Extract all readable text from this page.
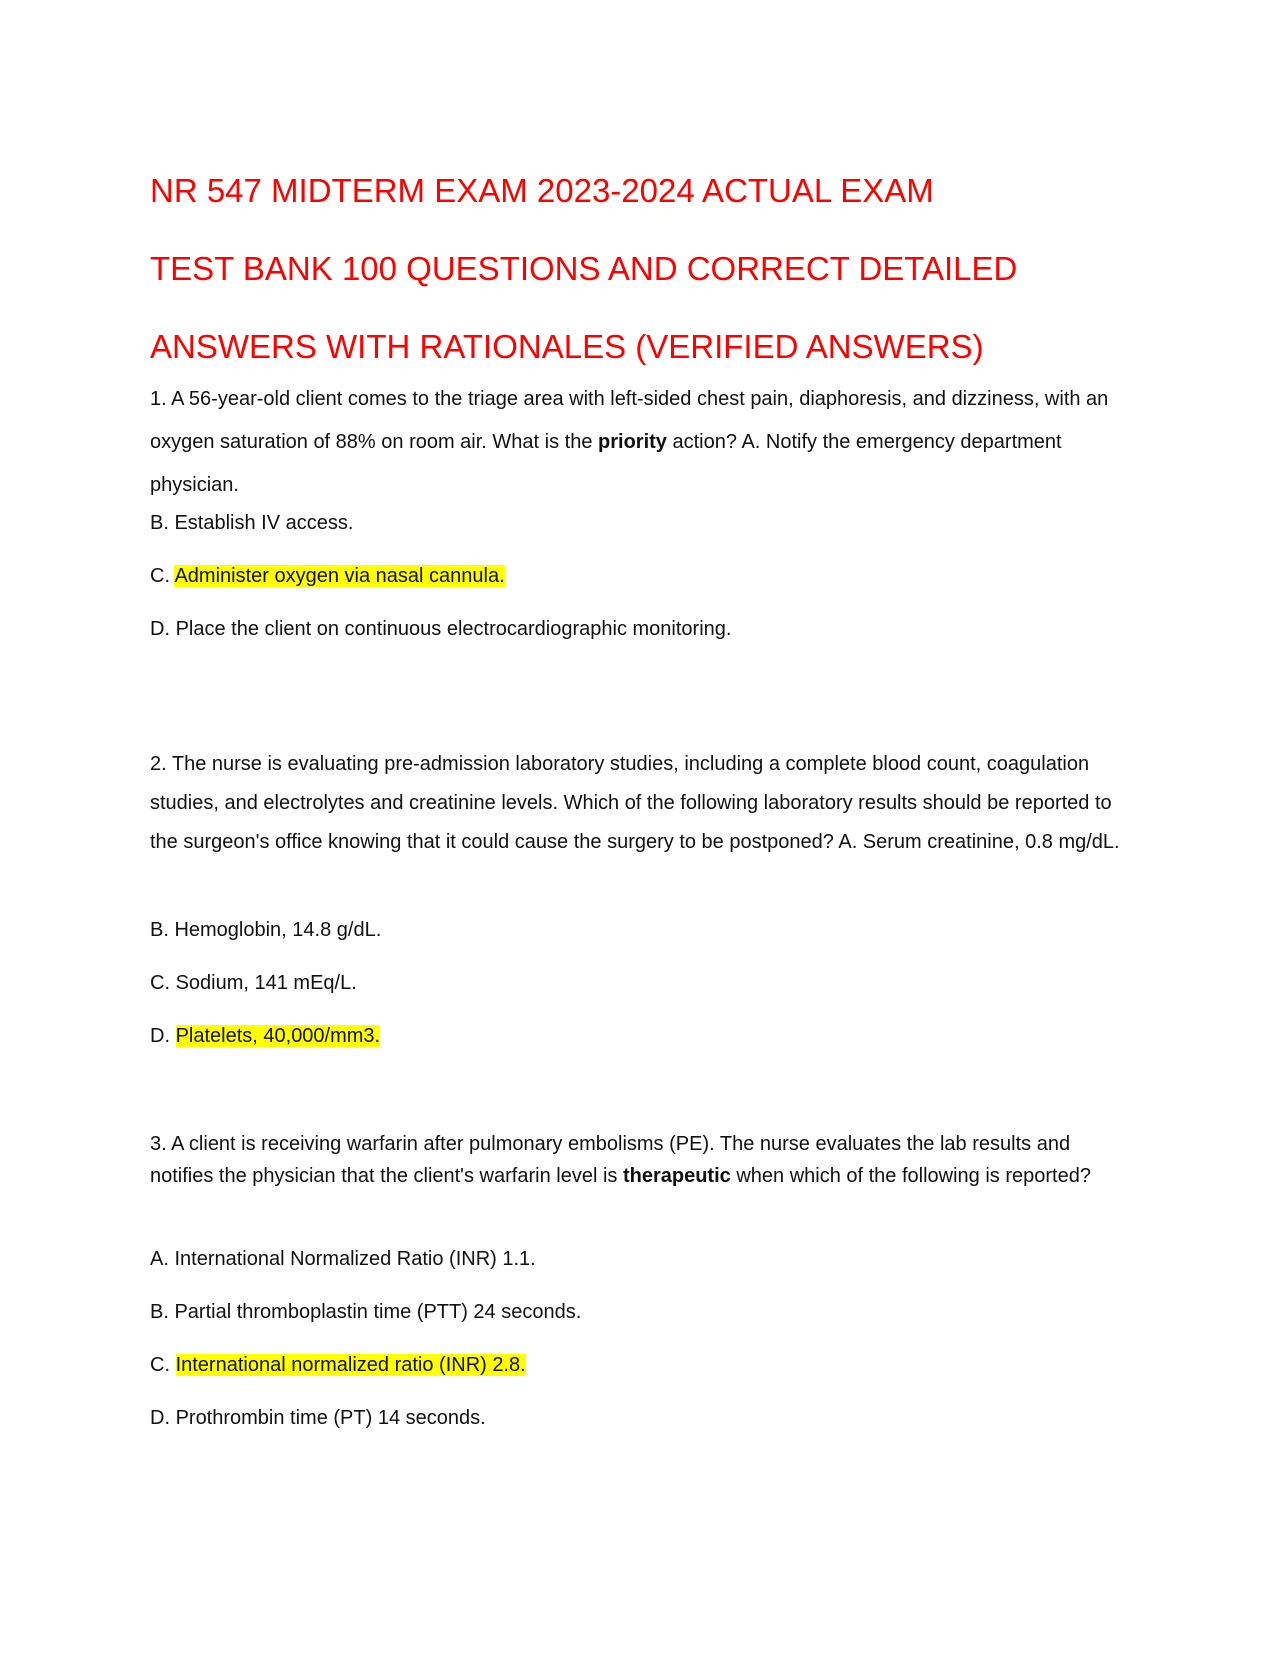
NR 547 MIDTERM EXAM 2023-2024 ACTUAL EXAM
TEST BANK 100 QUESTIONS AND CORRECT DETAILED
ANSWERS WITH RATIONALES (VERIFIED ANSWERS)

1. A 56-year-old client comes to the triage area with left-sided chest pain, diaphoresis, and dizziness, with an oxygen saturation of 88% on room air. What is the priority action? A. Notify the emergency department physician.

B. Establish IV access.

C. Administer oxygen via nasal cannula.

D. Place the client on continuous electrocardiographic monitoring.

2. The nurse is evaluating pre-admission laboratory studies, including a complete blood count, coagulation studies, and electrolytes and creatinine levels. Which of the following laboratory results should be reported to the surgeon's office knowing that it could cause the surgery to be postponed? A. Serum creatinine, 0.8 mg/dL.

B. Hemoglobin, 14.8 g/dL.

C. Sodium, 141 mEq/L.

D. Platelets, 40,000/mm3.

3. A client is receiving warfarin after pulmonary embolisms (PE). The nurse evaluates the lab results and notifies the physician that the client's warfarin level is therapeutic when which of the following is reported?

A. International Normalized Ratio (INR) 1.1.

B. Partial thromboplastin time (PTT) 24 seconds.

C. International normalized ratio (INR) 2.8.

D. Prothrombin time (PT) 14 seconds.
